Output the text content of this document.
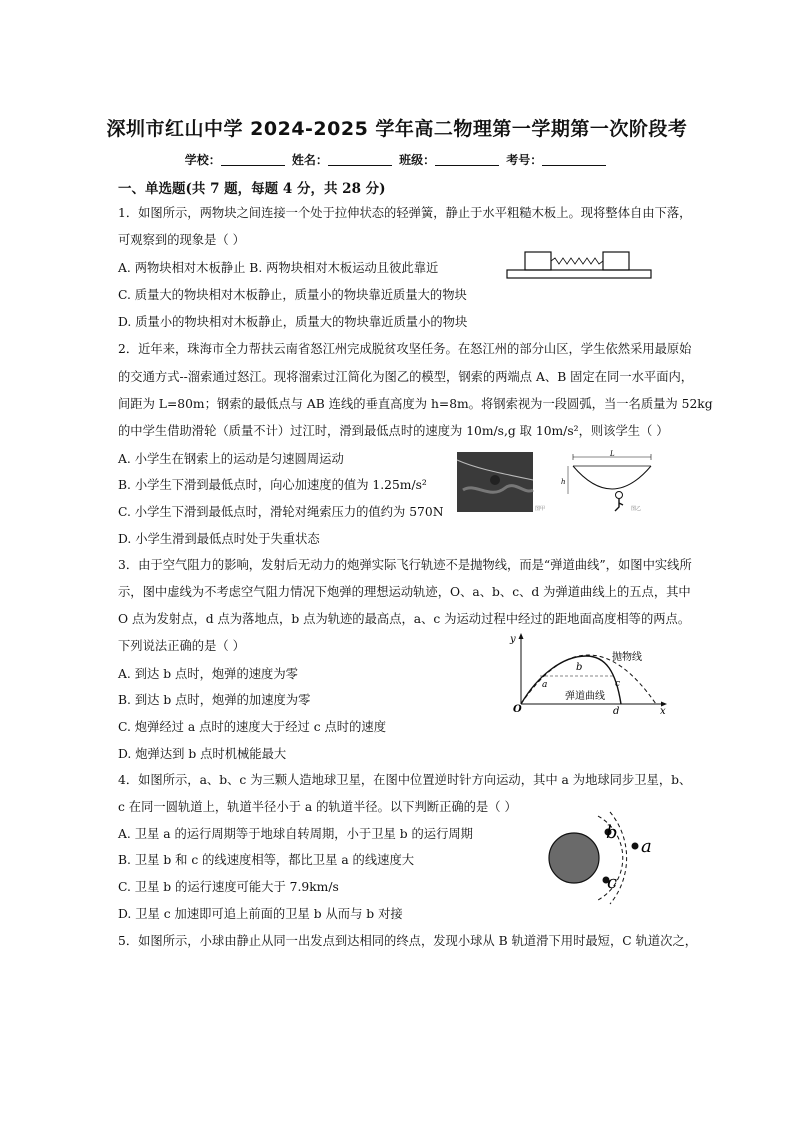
深圳市红山中学 2024-2025 学年高二物理第一学期第一次阶段考
学校：	姓名：	班级：	考号：
一、单选题(共 7 题，每题 4 分，共 28 分)
1．如图所示，两物块之间连接一个处于拉伸状态的轻弹簧，静止于水平粗糙木板上。现将整体自由下落，
可观察到的现象是（ ）
A. 两物块相对木板静止 B. 两物块相对木板运动且彼此靠近
C. 质量大的物块相对木板静止，质量小的物块靠近质量大的物块
D. 质量小的物块相对木板静止，质量大的物块靠近质量小的物块
2．近年来，珠海市全力帮扶云南省怒江州完成脱贫攻坚任务。在怒江州的部分山区，学生依然采用最原始
的交通方式--溜索通过怒江。现将溜索过江简化为图乙的模型，钢索的两端点 A、B 固定在同一水平面内，
间距为 L=80m；钢索的最低点与 AB 连线的垂直高度为 h=8m。将钢索视为一段圆弧，当一名质量为 52kg
的中学生借助滑轮（质量不计）过江时，滑到最低点时的速度为 10m/s,g 取 10m/s²，则该学生（ ）
A. 小学生在钢索上的运动是匀速圆周运动
B. 小学生下滑到最低点时，向心加速度的值为 1.25m/s²
C. 小学生下滑到最低点时，滑轮对绳索压力的值约为 570N
D. 小学生滑到最低点时处于失重状态
图甲
L
h
图乙
3．由于空气阻力的影响，发射后无动力的炮弹实际飞行轨迹不是抛物线，而是“弹道曲线”，如图中实线所
示，图中虚线为不考虑空气阻力情况下炮弹的理想运动轨迹，O、a、b、c、d 为弹道曲线上的五点，其中
O 点为发射点，d 点为落地点，b 点为轨迹的最高点，a、c 为运动过程中经过的距地面高度相等的两点。
下列说法正确的是（ ）
A. 到达 b 点时，炮弹的速度为零
B. 到达 b 点时，炮弹的加速度为零
C. 炮弹经过 a 点时的速度大于经过 c 点时的速度
D. 炮弹达到 b 点时机械能最大
y
x
O
a
b
c
d
抛物线
弹道曲线
4．如图所示，a、b、c 为三颗人造地球卫星，在图中位置逆时针方向运动，其中 a 为地球同步卫星，b、
c 在同一圆轨道上，轨道半径小于 a 的轨道半径。以下判断正确的是（ ）
A. 卫星 a 的运行周期等于地球自转周期，小于卫星 b 的运行周期
B. 卫星 b 和 c 的线速度相等，都比卫星 a 的线速度大
C. 卫星 b 的运行速度可能大于 7.9km/s
D. 卫星 c 加速即可追上前面的卫星 b 从而与 b 对接
b
c
a
5．如图所示，小球由静止从同一出发点到达相同的终点，发现小球从 B 轨道滑下用时最短，C 轨道次之，
